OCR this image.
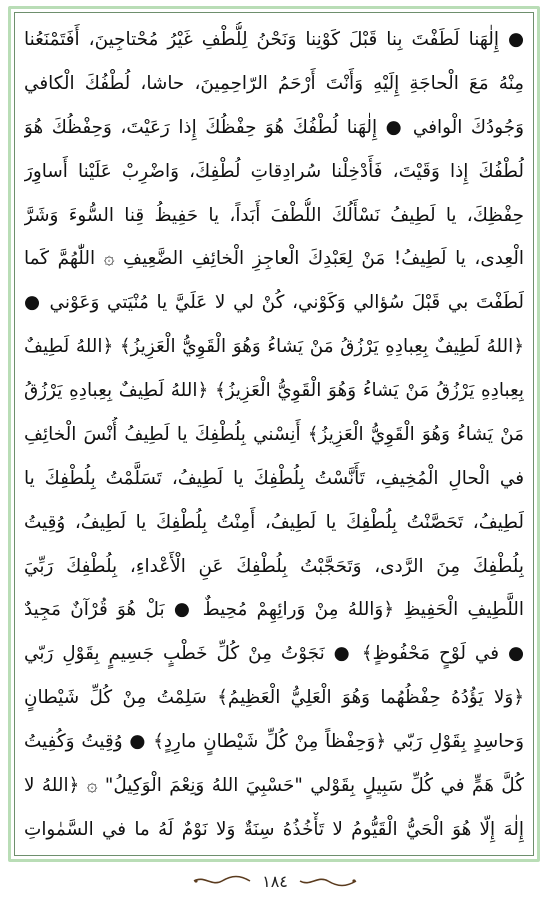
● إِلٰهَنا لَطَفْتَ بِنا قَبْلَ كَوْنِنا وَنَحْنُ لِلُّطْفِ غَيْرُ مُحْتاجِينَ، أَفَتَمْنَعُنا
مِنْهُ مَعَ الْحاجَةِ إِلَيْهِ وَأَنْتَ أَرْحَمُ الرّاحِمِينَ، حاشا، لُطْفُكَ الْكافي
وَجُودُكَ الْوافي ● إِلٰهَنا لُطْفُكَ هُوَ حِفْظُكَ إِذا رَعَيْتَ، وَحِفْظُكَ هُوَ
لُطْفُكَ إِذا وَقَيْتَ، فَأَدْخِلْنا سُرادِقاتِ لُطْفِكَ، وَاضْرِبْ عَلَيْنا أَساوِرَ
حِفْظِكَ، يا لَطِيفُ نَسْأَلُكَ اللُّطْفَ أَبَداً، يا حَفِيظُ قِنا السُّوءَ وَشَرَّ
الْعِدى، يا لَطِيفُ! مَنْ لِعَبْدِكَ الْعاجِزِ الْخائِفِ الضَّعِيفِ ۞ اللّٰهُمَّ كَما
لَطَفْتَ بي قَبْلَ سُؤالي وَكَوْني، كُنْ لي لا عَلَيَّ يا مُنْيَتي وَعَوْني ●
﴿اللهُ لَطِيفٌ بِعِبادِهِ يَرْزُقُ مَنْ يَشاءُ وَهُوَ الْقَوِيُّ الْعَزِيزُ﴾ ﴿اللهُ لَطِيفٌ
بِعِبادِهِ يَرْزُقُ مَنْ يَشاءُ وَهُوَ الْقَوِيُّ الْعَزِيزُ﴾ ﴿اللهُ لَطِيفٌ بِعِبادِهِ يَرْزُقُ
مَنْ يَشاءُ وَهُوَ الْقَوِيُّ الْعَزِيزُ﴾ أَنِسْني بِلُطْفِكَ يا لَطِيفُ أُنْسَ الْخائِفِ
في الْحالِ الْمُخِيفِ، تَأَنَّسْتُ بِلُطْفِكَ يا لَطِيفُ، تَسَلَّمْتُ بِلُطْفِكَ يا
لَطِيفُ، تَحَصَّنْتُ بِلُطْفِكَ يا لَطِيفُ، أَمِنْتُ بِلُطْفِكَ يا لَطِيفُ، وُقِيتُ
بِلُطْفِكَ مِنَ الرَّدى، وَتَحَجَّبْتُ بِلُطْفِكَ عَنِ الْأَعْداءِ، بِلُطْفِكَ رَبِّيَ
اللَّطِيفِ الْحَفِيظِ ﴿وَاللهُ مِنْ وَرائِهِمْ مُحِيطٌ ● بَلْ هُوَ قُرْآنٌ مَجِيدٌ
● في لَوْحٍ مَحْفُوظٍ﴾ ● نَجَوْتُ مِنْ كُلِّ خَطْبٍ جَسِيمٍ بِقَوْلِ رَبّي
﴿وَلا يَؤُدُهُ حِفْظُهُما وَهُوَ الْعَلِيُّ الْعَظِيمُ﴾ سَلِمْتُ مِنْ كُلِّ شَيْطانٍ
وَحاسِدٍ بِقَوْلِ رَبّي ﴿وَحِفْظاً مِنْ كُلِّ شَيْطانٍ مارِدٍ﴾ ● وُقِيتُ وَكُفِيتُ
كُلَّ هَمٍّ في كُلِّ سَبِيلٍ بِقَوْلي "حَسْبِيَ اللهُ وَنِعْمَ الْوَكِيلُ" ۞ ﴿اللهُ لا
إِلٰهَ إِلّا هُوَ الْحَيُّ الْقَيُّومُ لا تَأْخُذُهُ سِنَةٌ وَلا نَوْمٌ لَهُ ما في السَّمٰواتِ
١٨٤
